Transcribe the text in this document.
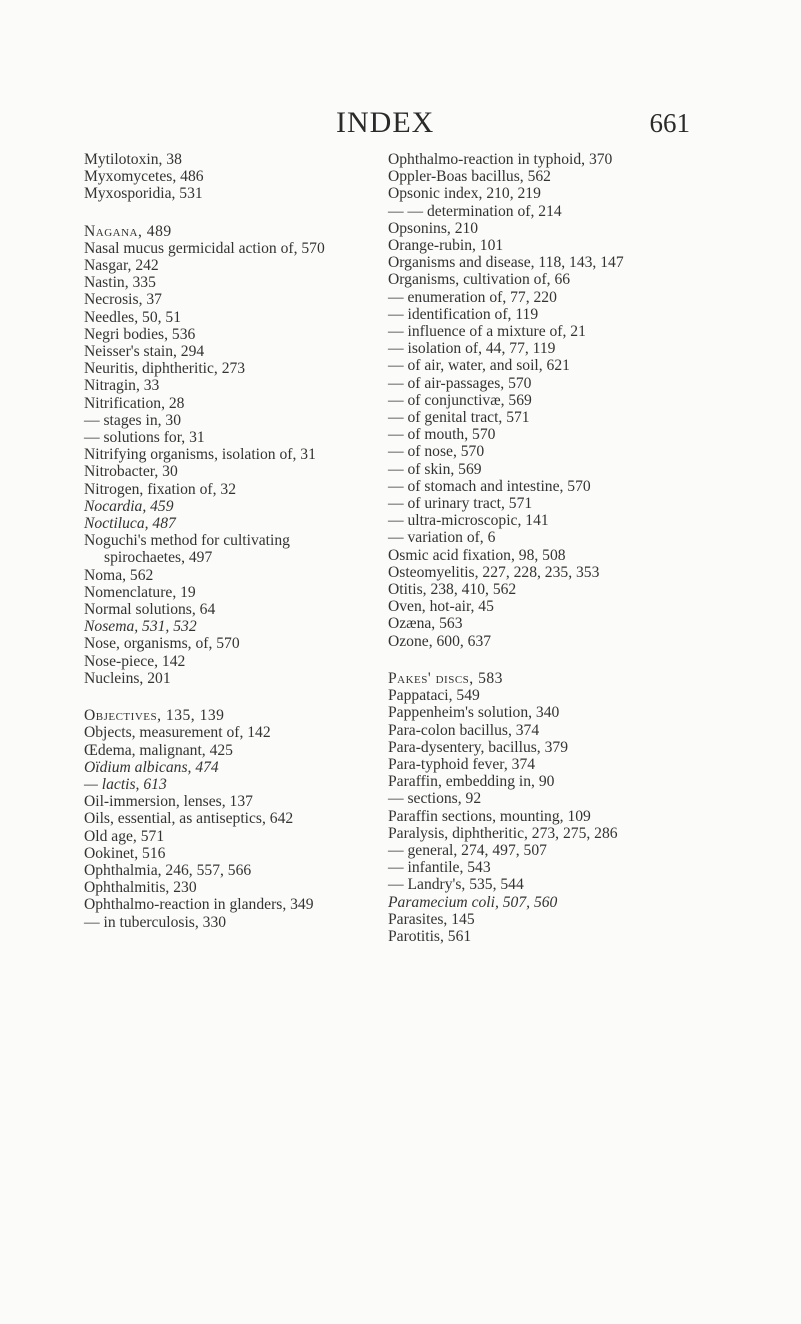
INDEX	661
Mytilotoxin, 38
Myxomycetes, 486
Myxosporidia, 531
Nagana, 489
Nasal mucus germicidal action of, 570
Nasgar, 242
Nastin, 335
Necrosis, 37
Needles, 50, 51
Negri bodies, 536
Neisser's stain, 294
Neuritis, diphtheritic, 273
Nitragin, 33
Nitrification, 28
— stages in, 30
— solutions for, 31
Nitrifying organisms, isolation of, 31
Nitrobacter, 30
Nitrogen, fixation of, 32
Nocardia, 459
Noctiluca, 487
Noguchi's method for cultivating spirochaetes, 497
Noma, 562
Nomenclature, 19
Normal solutions, 64
Nosema, 531, 532
Nose, organisms, of, 570
Nose-piece, 142
Nucleins, 201
Objectives, 135, 139
Objects, measurement of, 142
Œdema, malignant, 425
Oïdium albicans, 474
— lactis, 613
Oil-immersion, lenses, 137
Oils, essential, as antiseptics, 642
Old age, 571
Ookinet, 516
Ophthalmia, 246, 557, 566
Ophthalmitis, 230
Ophthalmo-reaction in glanders, 349
— in tuberculosis, 330
Ophthalmo-reaction in typhoid, 370
Oppler-Boas bacillus, 562
Opsonic index, 210, 219
— — determination of, 214
Opsonins, 210
Orange-rubin, 101
Organisms and disease, 118, 143, 147
Organisms, cultivation of, 66
— enumeration of, 77, 220
— identification of, 119
— influence of a mixture of, 21
— isolation of, 44, 77, 119
— of air, water, and soil, 621
— of air-passages, 570
— of conjunctivæ, 569
— of genital tract, 571
— of mouth, 570
— of nose, 570
— of skin, 569
— of stomach and intestine, 570
— of urinary tract, 571
— ultra-microscopic, 141
— variation of, 6
Osmic acid fixation, 98, 508
Osteomyelitis, 227, 228, 235, 353
Otitis, 238, 410, 562
Oven, hot-air, 45
Ozæna, 563
Ozone, 600, 637
Pakes' discs, 583
Pappataci, 549
Pappenheim's solution, 340
Para-colon bacillus, 374
Para-dysentery, bacillus, 379
Para-typhoid fever, 374
Paraffin, embedding in, 90
— sections, 92
Paraffin sections, mounting, 109
Paralysis, diphtheritic, 273, 275, 286
— general, 274, 497, 507
— infantile, 543
— Landry's, 535, 544
Paramecium coli, 507, 560
Parasites, 145
Parotitis, 561
